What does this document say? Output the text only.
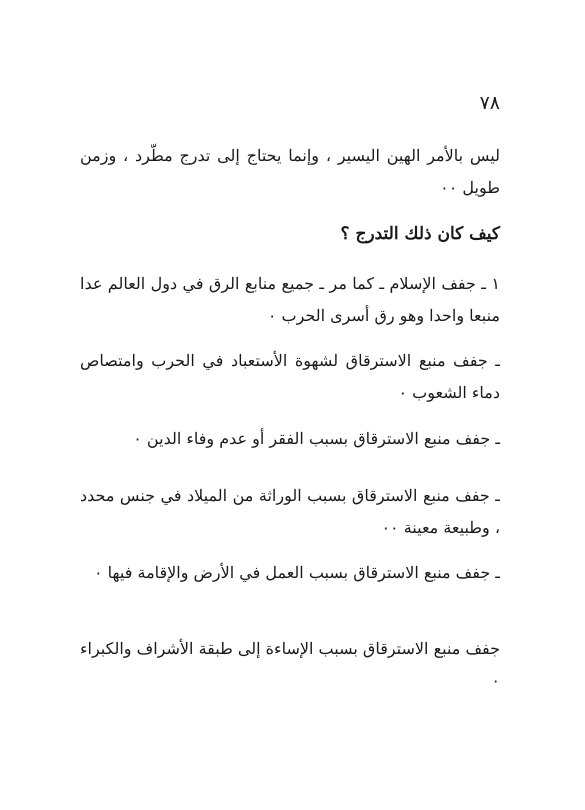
٧٨

ليس بالأمر الهين اليسير ، وإنما يحتاج إلى تدرج مطّرد ، وزمن طويل ٠٠

كيف كان ذلك التدرج ؟

١ ـ جفف الإسلام ـ كما مر ـ جميع منابع الرق في دول العالم عدا منبعا واحدا وهو رق أسرى الحرب ٠

ـ جفف منبع الاسترقاق لشهوة الأستعباد في الحرب وامتصاص دماء الشعوب ٠

ـ جفف منبع الاسترقاق بسبب الفقر أو عدم وفاء الدين ٠

ـ جفف منبع الاسترقاق بسبب الوراثة من الميلاد في جنس محدد ، وطبيعة معينة ٠٠

ـ جفف منبع الاسترقاق بسبب العمل في الأرض والإقامة فيها ٠

جفف منبع الاسترقاق بسبب الإساءة إلى طبقة الأشراف والكبراء ٠
